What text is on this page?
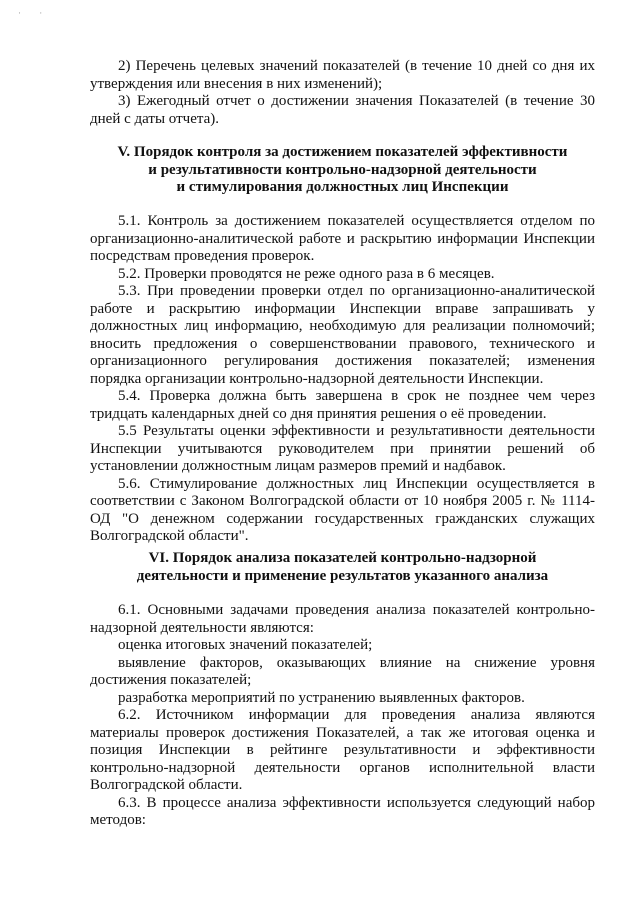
· ·

2) Перечень целевых значений показателей (в течение 10 дней со дня их утверждения или внесения в них изменений);

3) Ежегодный отчет о достижении значения Показателей (в течение 30 дней с даты отчета).

V. Порядок контроля за достижением показателей эффективности
и результативности контрольно-надзорной деятельности
и стимулирования должностных лиц Инспекции

5.1. Контроль за достижением показателей осуществляется отделом по организационно-аналитической работе и раскрытию информации Инспекции посредствам проведения проверок.

5.2. Проверки проводятся не реже одного раза в 6 месяцев.

5.3. При проведении проверки отдел по организационно-аналитической работе и раскрытию информации Инспекции вправе запрашивать у должностных лиц информацию, необходимую для реализации полномочий; вносить предложения о совершенствовании правового, технического и организационного регулирования достижения показателей; изменения порядка организации контрольно-надзорной деятельности Инспекции.

5.4. Проверка должна быть завершена в срок не позднее чем через тридцать календарных дней со дня принятия решения о её проведении.

5.5 Результаты оценки эффективности и результативности деятельности Инспекции учитываются руководителем при принятии решений об установлении должностным лицам размеров премий и надбавок.

5.6. Стимулирование должностных лиц Инспекции осуществляется в соответствии с Законом Волгоградской области от 10 ноября 2005 г. № 1114-ОД "О денежном содержании государственных гражданских служащих Волгоградской области".

VI. Порядок анализа показателей контрольно-надзорной
деятельности и применение результатов указанного анализа

6.1. Основными задачами проведения анализа показателей контрольно-надзорной деятельности являются:

оценка итоговых значений показателей;

выявление факторов, оказывающих влияние на снижение уровня достижения показателей;

разработка мероприятий по устранению выявленных факторов.

6.2. Источником информации для проведения анализа являются материалы проверок достижения Показателей, а так же итоговая оценка и позиция Инспекции в рейтинге результативности и эффективности контрольно-надзорной деятельности органов исполнительной власти Волгоградской области.

6.3. В процессе анализа эффективности используется следующий набор методов:
